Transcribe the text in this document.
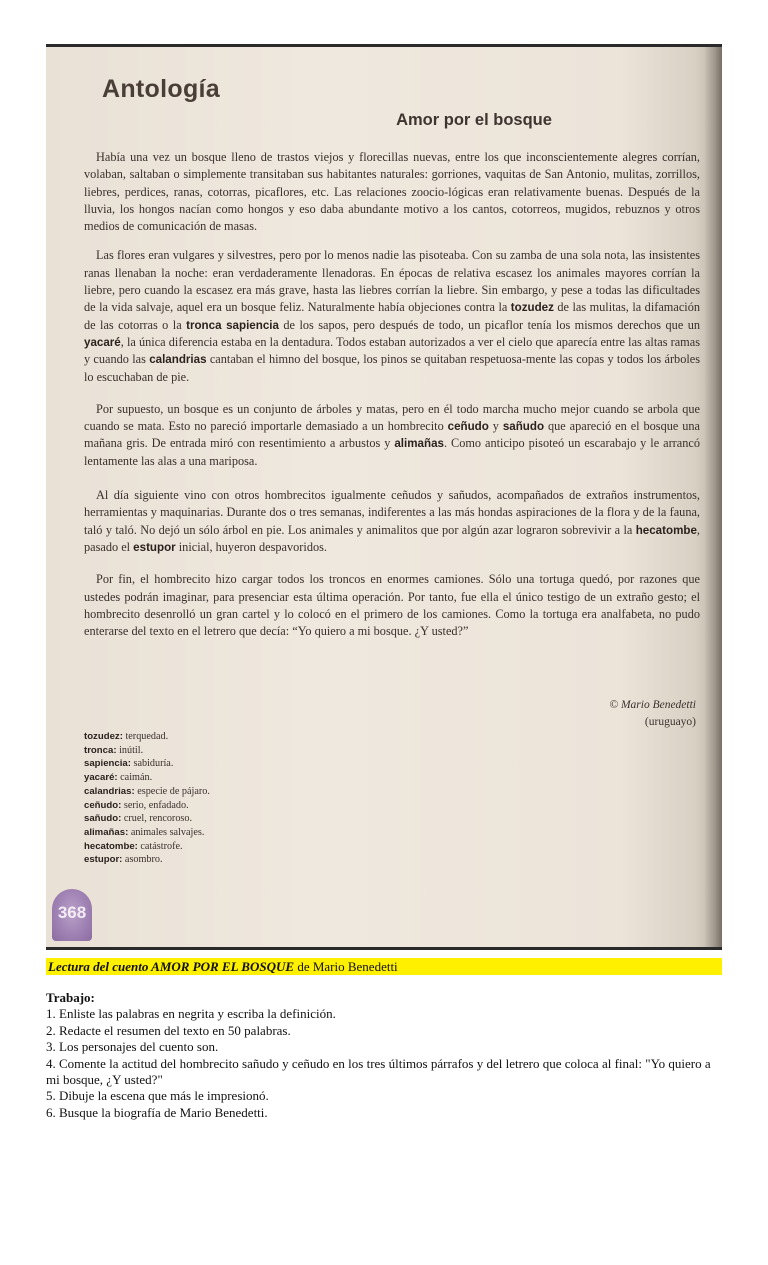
Antología
Amor por el bosque

Había una vez un bosque lleno de trastos viejos y florecillas nuevas, entre los que inconscientemente alegres corrían, volaban, saltaban o simplemente transitaban sus habitantes naturales: gorriones, vaquitas de San Antonio, mulitas, zorrillos, liebres, perdices, ranas, cotorras, picaflores, etc. Las relaciones zoocio-lógicas eran relativamente buenas. Después de la lluvia, los hongos nacían como hongos y eso daba abundante motivo a los cantos, cotorreos, mugidos, rebuznos y otros medios de comunicación de masas.

Las flores eran vulgares y silvestres, pero por lo menos nadie las pisoteaba. Con su zamba de una sola nota, las insistentes ranas llenaban la noche: eran verdaderamente llenadoras. En épocas de relativa escasez los animales mayores corrían la liebre, pero cuando la escasez era más grave, hasta las liebres corrían la liebre. Sin embargo, y pese a todas las dificultades de la vida salvaje, aquel era un bosque feliz. Naturalmente había objeciones contra la tozudez de las mulitas, la difamación de las cotorras o la tronca sapiencia de los sapos, pero después de todo, un picaflor tenía los mismos derechos que un yacaré, la única diferencia estaba en la dentadura. Todos estaban autorizados a ver el cielo que aparecía entre las altas ramas y cuando las calandrias cantaban el himno del bosque, los pinos se quitaban respetuosa-mente las copas y todos los árboles lo escuchaban de pie.

Por supuesto, un bosque es un conjunto de árboles y matas, pero en él todo marcha mucho mejor cuando se arbola que cuando se mata. Esto no pareció importarle demasiado a un hombrecito ceñudo y sañudo que apareció en el bosque una mañana gris. De entrada miró con resentimiento a arbustos y alimañas. Como anticipo pisoteó un escarabajo y le arrancó lentamente las alas a una mariposa.

Al día siguiente vino con otros hombrecitos igualmente ceñudos y sañudos, acompañados de extraños instrumentos, herramientas y maquinarias. Durante dos o tres semanas, indiferentes a las más hondas aspiraciones de la flora y de la fauna, taló y taló. No dejó un sólo árbol en pie. Los animales y animalitos que por algún azar lograron sobrevivir a la hecatombe, pasado el estupor inicial, huyeron despavoridos.

Por fin, el hombrecito hizo cargar todos los troncos en enormes camiones. Sólo una tortuga quedó, por razones que ustedes podrán imaginar, para presenciar esta última operación. Por tanto, fue ella el único testigo de un extraño gesto; el hombrecito desenrolló un gran cartel y lo colocó en el primero de los camiones. Como la tortuga era analfabeta, no pudo enterarse del texto en el letrero que decía: “Yo quiero a mi bosque. ¿Y usted?”

© Mario Benedetti
(uruguayo)
tozudez: terquedad.
tronca: inútil.
sapiencia: sabiduría.
yacaré: caimán.
calandrias: especie de pájaro.
ceñudo: serio, enfadado.
sañudo: cruel, rencoroso.
alimañas: animales salvajes.
hecatombe: catástrofe.
estupor: asombro.
368
Lectura del cuento AMOR POR EL BOSQUE de Mario Benedetti
Trabajo:
1. Enliste las palabras en negrita y escriba la definición.
2. Redacte el resumen del texto en 50 palabras.
3. Los personajes del cuento son.
4. Comente la actitud del hombrecito sañudo y ceñudo en los tres últimos párrafos y del letrero que coloca al final: "Yo quiero a mi bosque, ¿Y usted?"
5. Dibuje la escena que más le impresionó.
6. Busque la biografía de Mario Benedetti.
